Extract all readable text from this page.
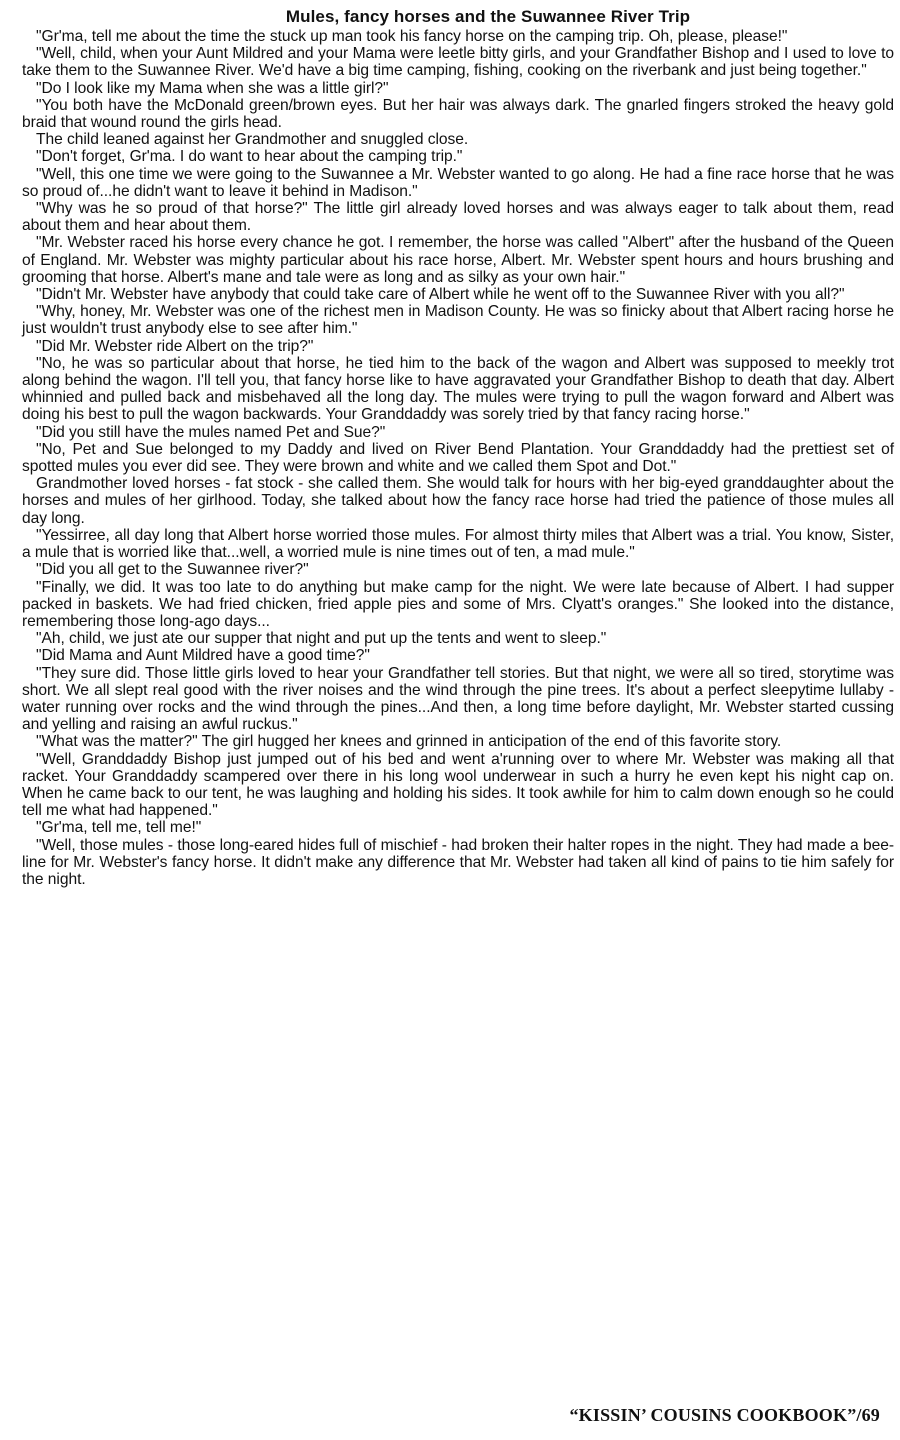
Mules, fancy horses and the Suwannee River Trip

"Gr'ma, tell me about the time the stuck up man took his fancy horse on the camping trip. Oh, please, please!"

"Well, child, when your Aunt Mildred and your Mama were leetle bitty girls, and your Grandfather Bishop and I used to love to take them to the Suwannee River. We'd have a big time camping, fishing, cooking on the riverbank and just being together."

"Do I look like my Mama when she was a little girl?"

"You both have the McDonald green/brown eyes. But her hair was always dark. The gnarled fingers stroked the heavy gold braid that wound round the girls head.

The child leaned against her Grandmother and snuggled close.

"Don't forget, Gr'ma. I do want to hear about the camping trip."

"Well, this one time we were going to the Suwannee a Mr. Webster wanted to go along. He had a fine race horse that he was so proud of...he didn't want to leave it behind in Madison."

"Why was he so proud of that horse?" The little girl already loved horses and was always eager to talk about them, read about them and hear about them.

"Mr. Webster raced his horse every chance he got. I remember, the horse was called "Albert" after the husband of the Queen of England. Mr. Webster was mighty particular about his race horse, Albert. Mr. Webster spent hours and hours brushing and grooming that horse. Albert's mane and tale were as long and as silky as your own hair."

"Didn't Mr. Webster have anybody that could take care of Albert while he went off to the Suwannee River with you all?"

"Why, honey, Mr. Webster was one of the richest men in Madison County. He was so finicky about that Albert racing horse he just wouldn't trust anybody else to see after him."

"Did Mr. Webster ride Albert on the trip?"

"No, he was so particular about that horse, he tied him to the back of the wagon and Albert was supposed to meekly trot along behind the wagon. I'll tell you, that fancy horse like to have aggravated your Grandfather Bishop to death that day. Albert whinnied and pulled back and misbehaved all the long day. The mules were trying to pull the wagon forward and Albert was doing his best to pull the wagon backwards. Your Granddaddy was sorely tried by that fancy racing horse."

"Did you still have the mules named Pet and Sue?"

"No, Pet and Sue belonged to my Daddy and lived on River Bend Plantation. Your Granddaddy had the prettiest set of spotted mules you ever did see. They were brown and white and we called them Spot and Dot."

Grandmother loved horses - fat stock - she called them. She would talk for hours with her big-eyed granddaughter about the horses and mules of her girlhood. Today, she talked about how the fancy race horse had tried the patience of those mules all day long.

"Yessirree, all day long that Albert horse worried those mules. For almost thirty miles that Albert was a trial. You know, Sister, a mule that is worried like that...well, a worried mule is nine times out of ten, a mad mule."

"Did you all get to the Suwannee river?"

"Finally, we did. It was too late to do anything but make camp for the night. We were late because of Albert. I had supper packed in baskets. We had fried chicken, fried apple pies and some of Mrs. Clyatt's oranges." She looked into the distance, remembering those long-ago days...

"Ah, child, we just ate our supper that night and put up the tents and went to sleep."

"Did Mama and Aunt Mildred have a good time?"

"They sure did. Those little girls loved to hear your Grandfather tell stories. But that night, we were all so tired, storytime was short. We all slept real good with the river noises and the wind through the pine trees. It's about a perfect sleepytime lullaby - water running over rocks and the wind through the pines...And then, a long time before daylight, Mr. Webster started cussing and yelling and raising an awful ruckus."

"What was the matter?" The girl hugged her knees and grinned in anticipation of the end of this favorite story.

"Well, Granddaddy Bishop just jumped out of his bed and went a'running over to where Mr. Webster was making all that racket. Your Granddaddy scampered over there in his long wool underwear in such a hurry he even kept his night cap on. When he came back to our tent, he was laughing and holding his sides. It took awhile for him to calm down enough so he could tell me what had happened."

"Gr'ma, tell me, tell me!"

"Well, those mules - those long-eared hides full of mischief - had broken their halter ropes in the night. They had made a bee-line for Mr. Webster's fancy horse. It didn't make any difference that Mr. Webster had taken all kind of pains to tie him safely for the night.

“KISSIN’ COUSINS COOKBOOK”/69
